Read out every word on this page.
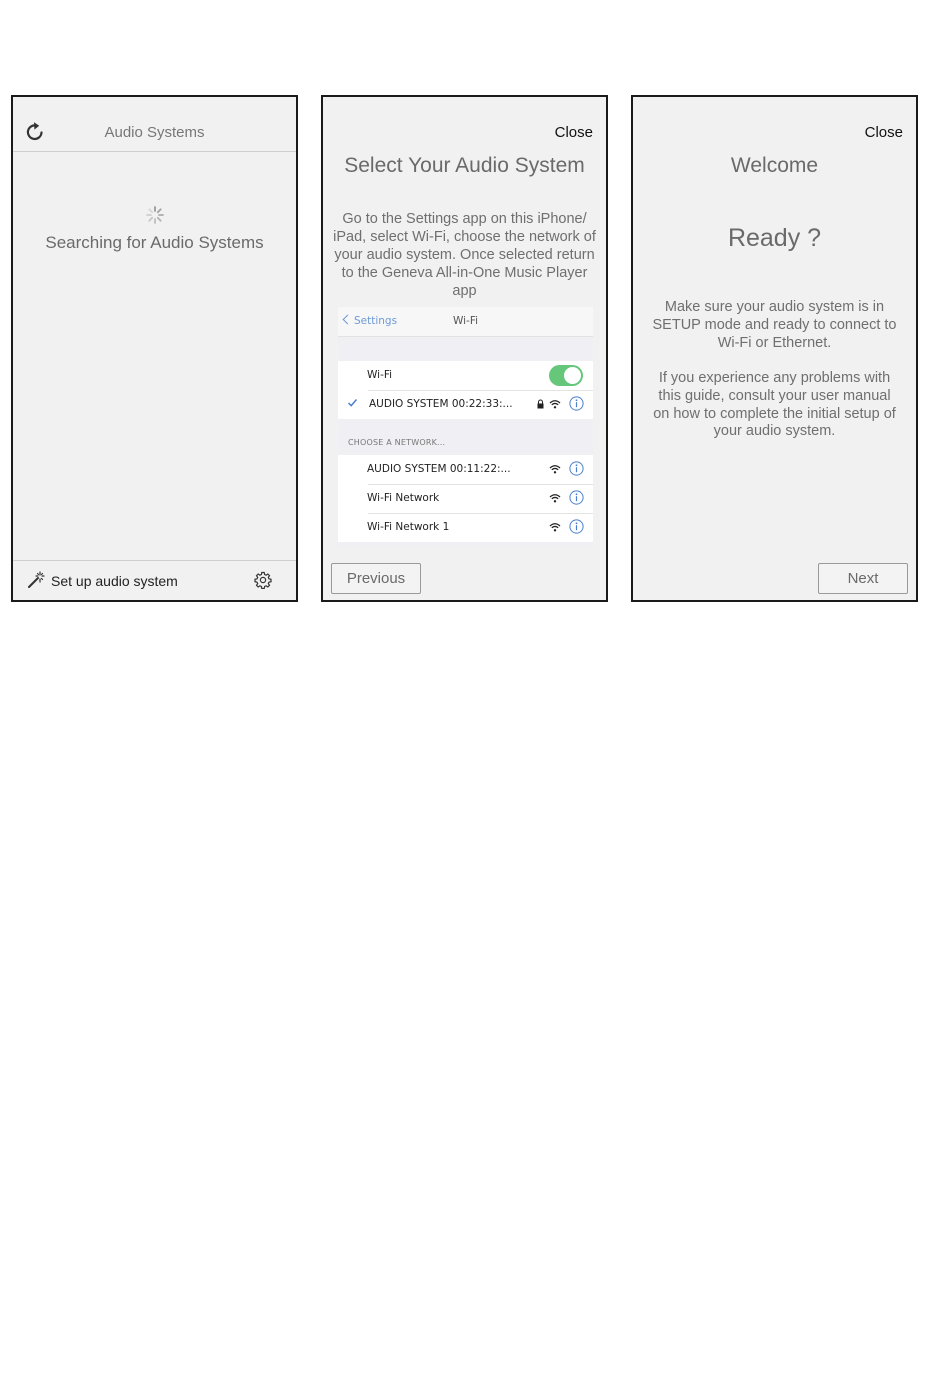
Audio Systems
Searching for Audio Systems
Set up audio system
Close
Select Your Audio System
Go to the Settings app on this iPhone/ iPad, select Wi-Fi, choose the network of your audio system. Once selected return to the Geneva All-in-One Music Player app
Settings	Wi-Fi
Wi-Fi
AUDIO SYSTEM 00:22:33:...
CHOOSE A NETWORK...
AUDIO SYSTEM 00:11:22:...
Wi-Fi Network
Wi-Fi Network 1
Previous
Close
Welcome
Ready ?
Make sure your audio system is in SETUP mode and ready to connect to Wi-Fi or Ethernet.
If you experience any problems with this guide, consult your user manual on how to complete the initial setup of your audio system.
Next
